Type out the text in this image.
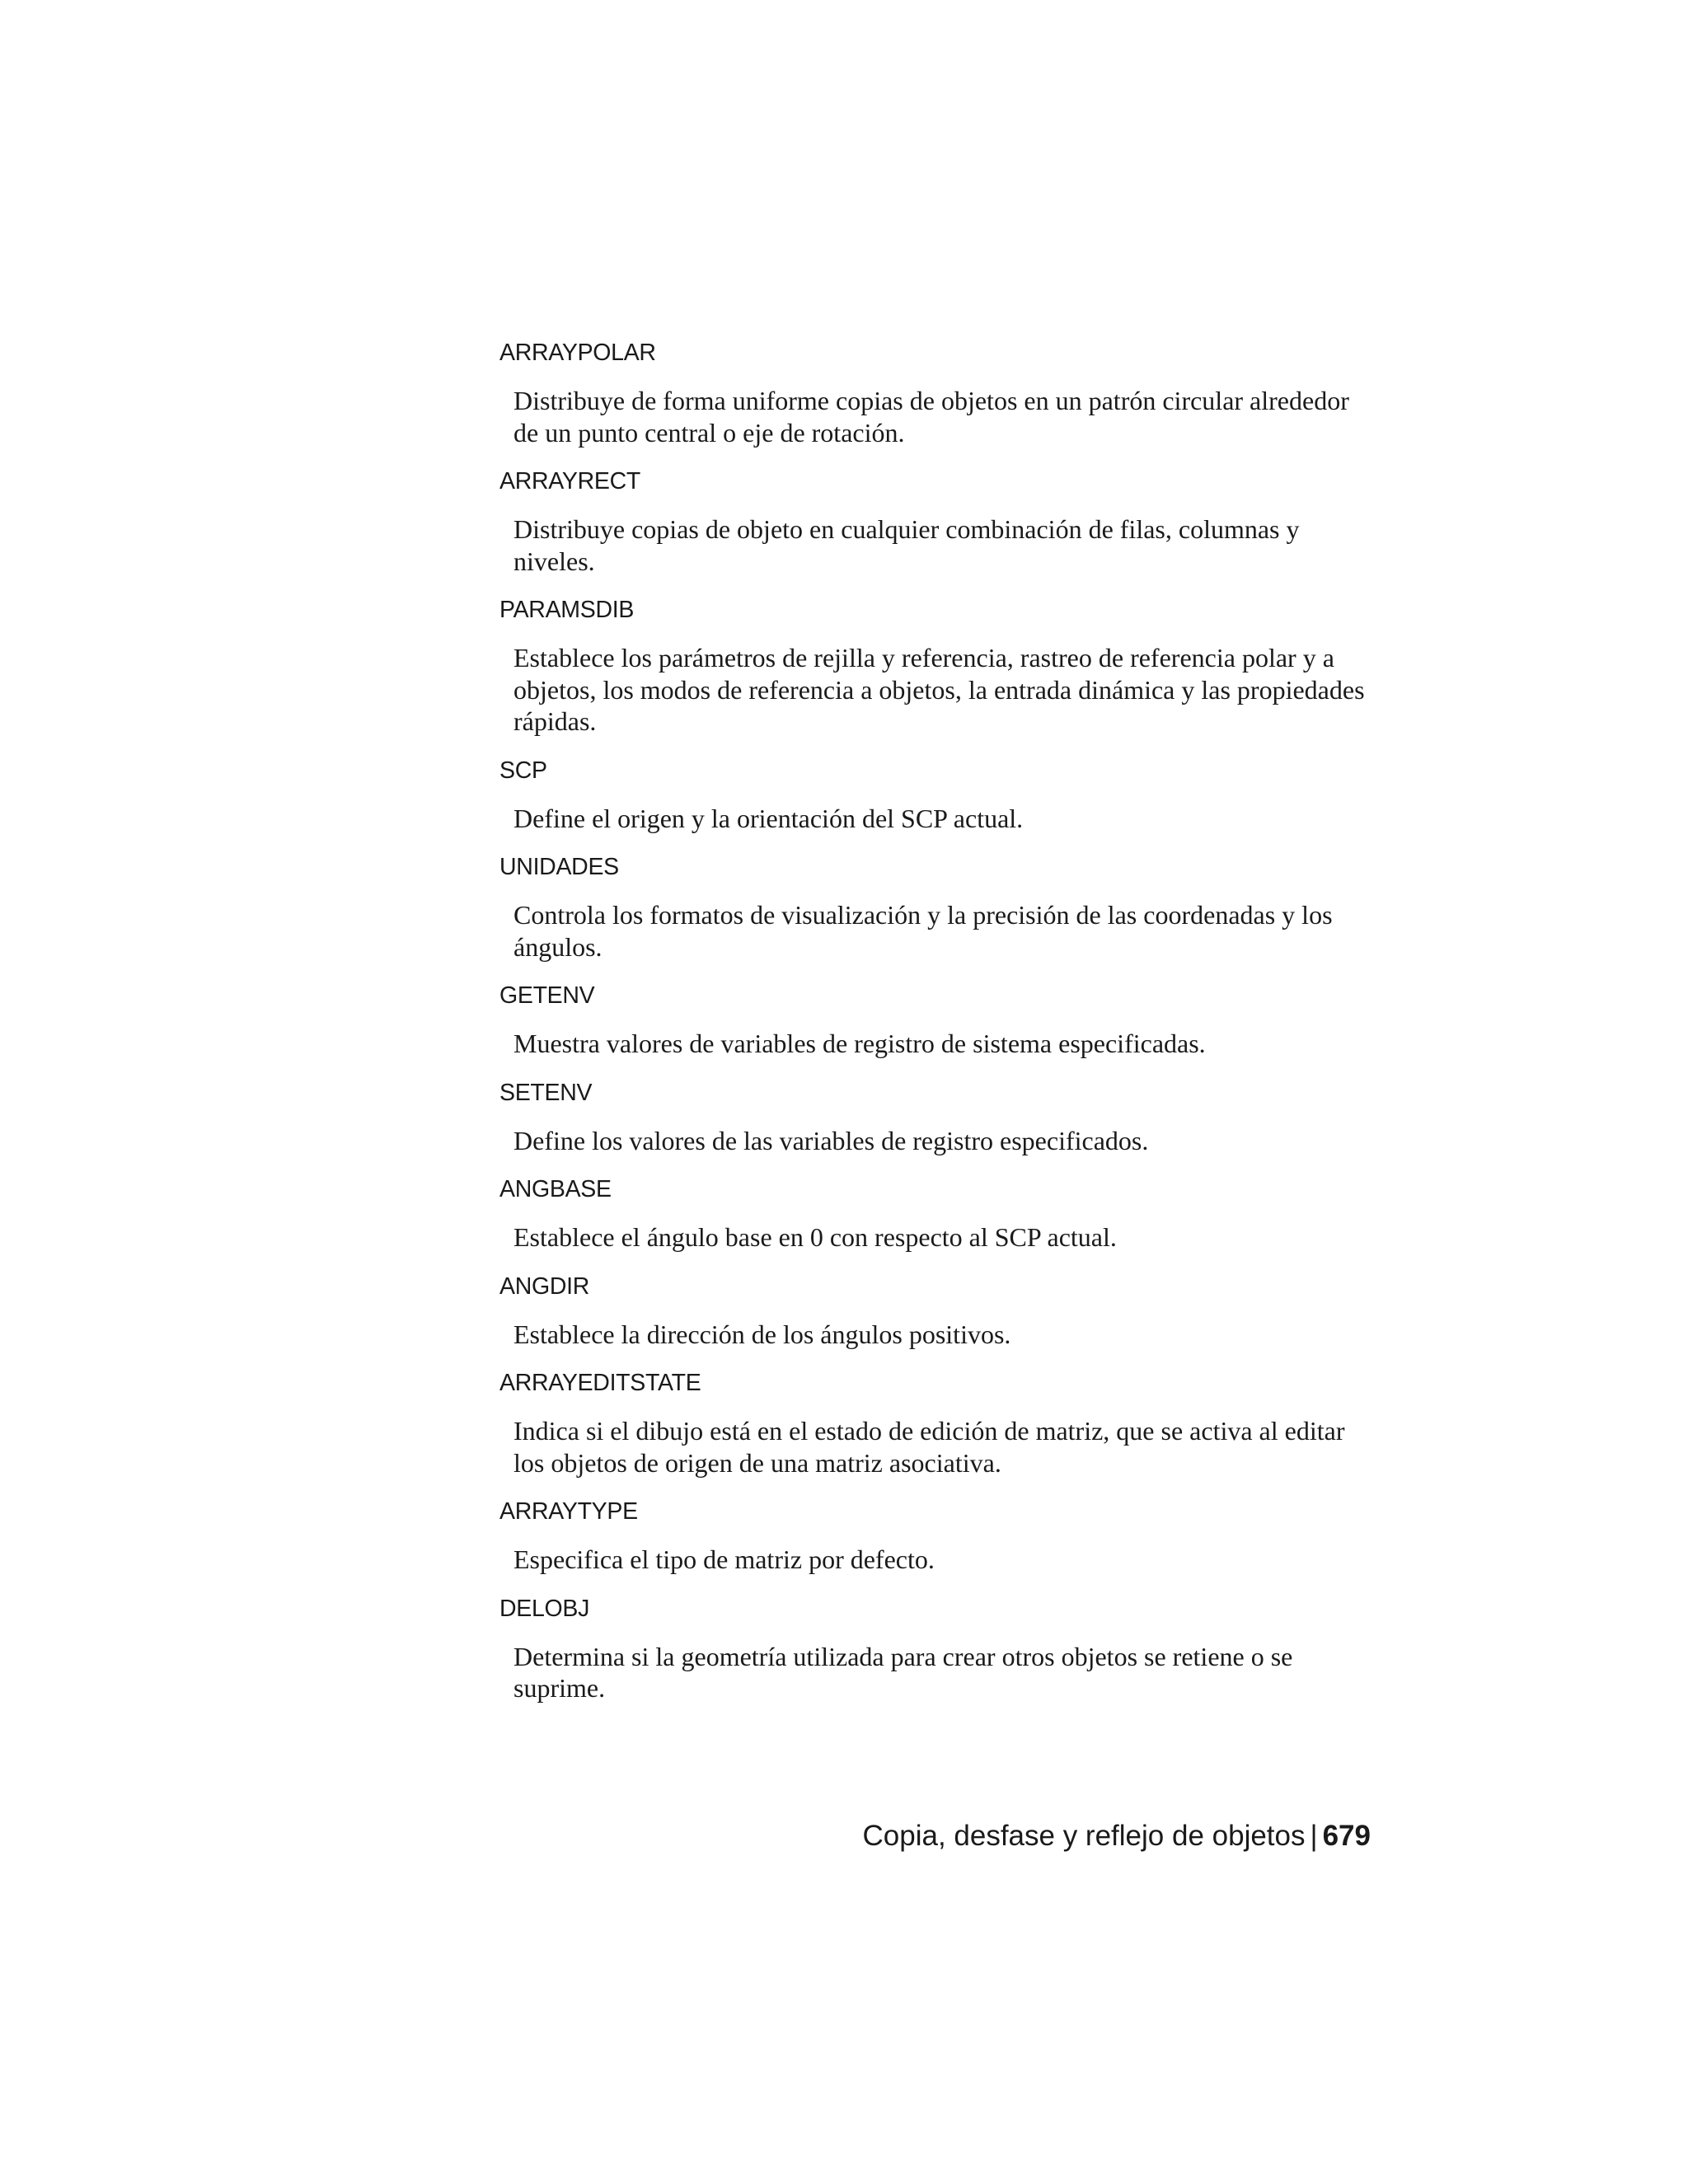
ARRAYPOLAR
Distribuye de forma uniforme copias de objetos en un patrón circular alrededor de un punto central o eje de rotación.
ARRAYRECT
Distribuye copias de objeto en cualquier combinación de filas, columnas y niveles.
PARAMSDIB
Establece los parámetros de rejilla y referencia, rastreo de referencia polar y a objetos, los modos de referencia a objetos, la entrada dinámica y las propiedades rápidas.
SCP
Define el origen y la orientación del SCP actual.
UNIDADES
Controla los formatos de visualización y la precisión de las coordenadas y los ángulos.
GETENV
Muestra valores de variables de registro de sistema especificadas.
SETENV
Define los valores de las variables de registro especificados.
ANGBASE
Establece el ángulo base en 0 con respecto al SCP actual.
ANGDIR
Establece la dirección de los ángulos positivos.
ARRAYEDITSTATE
Indica si el dibujo está en el estado de edición de matriz, que se activa al editar los objetos de origen de una matriz asociativa.
ARRAYTYPE
Especifica el tipo de matriz por defecto.
DELOBJ
Determina si la geometría utilizada para crear otros objetos se retiene o se suprime.
Copia, desfase y reflejo de objetos | 679
